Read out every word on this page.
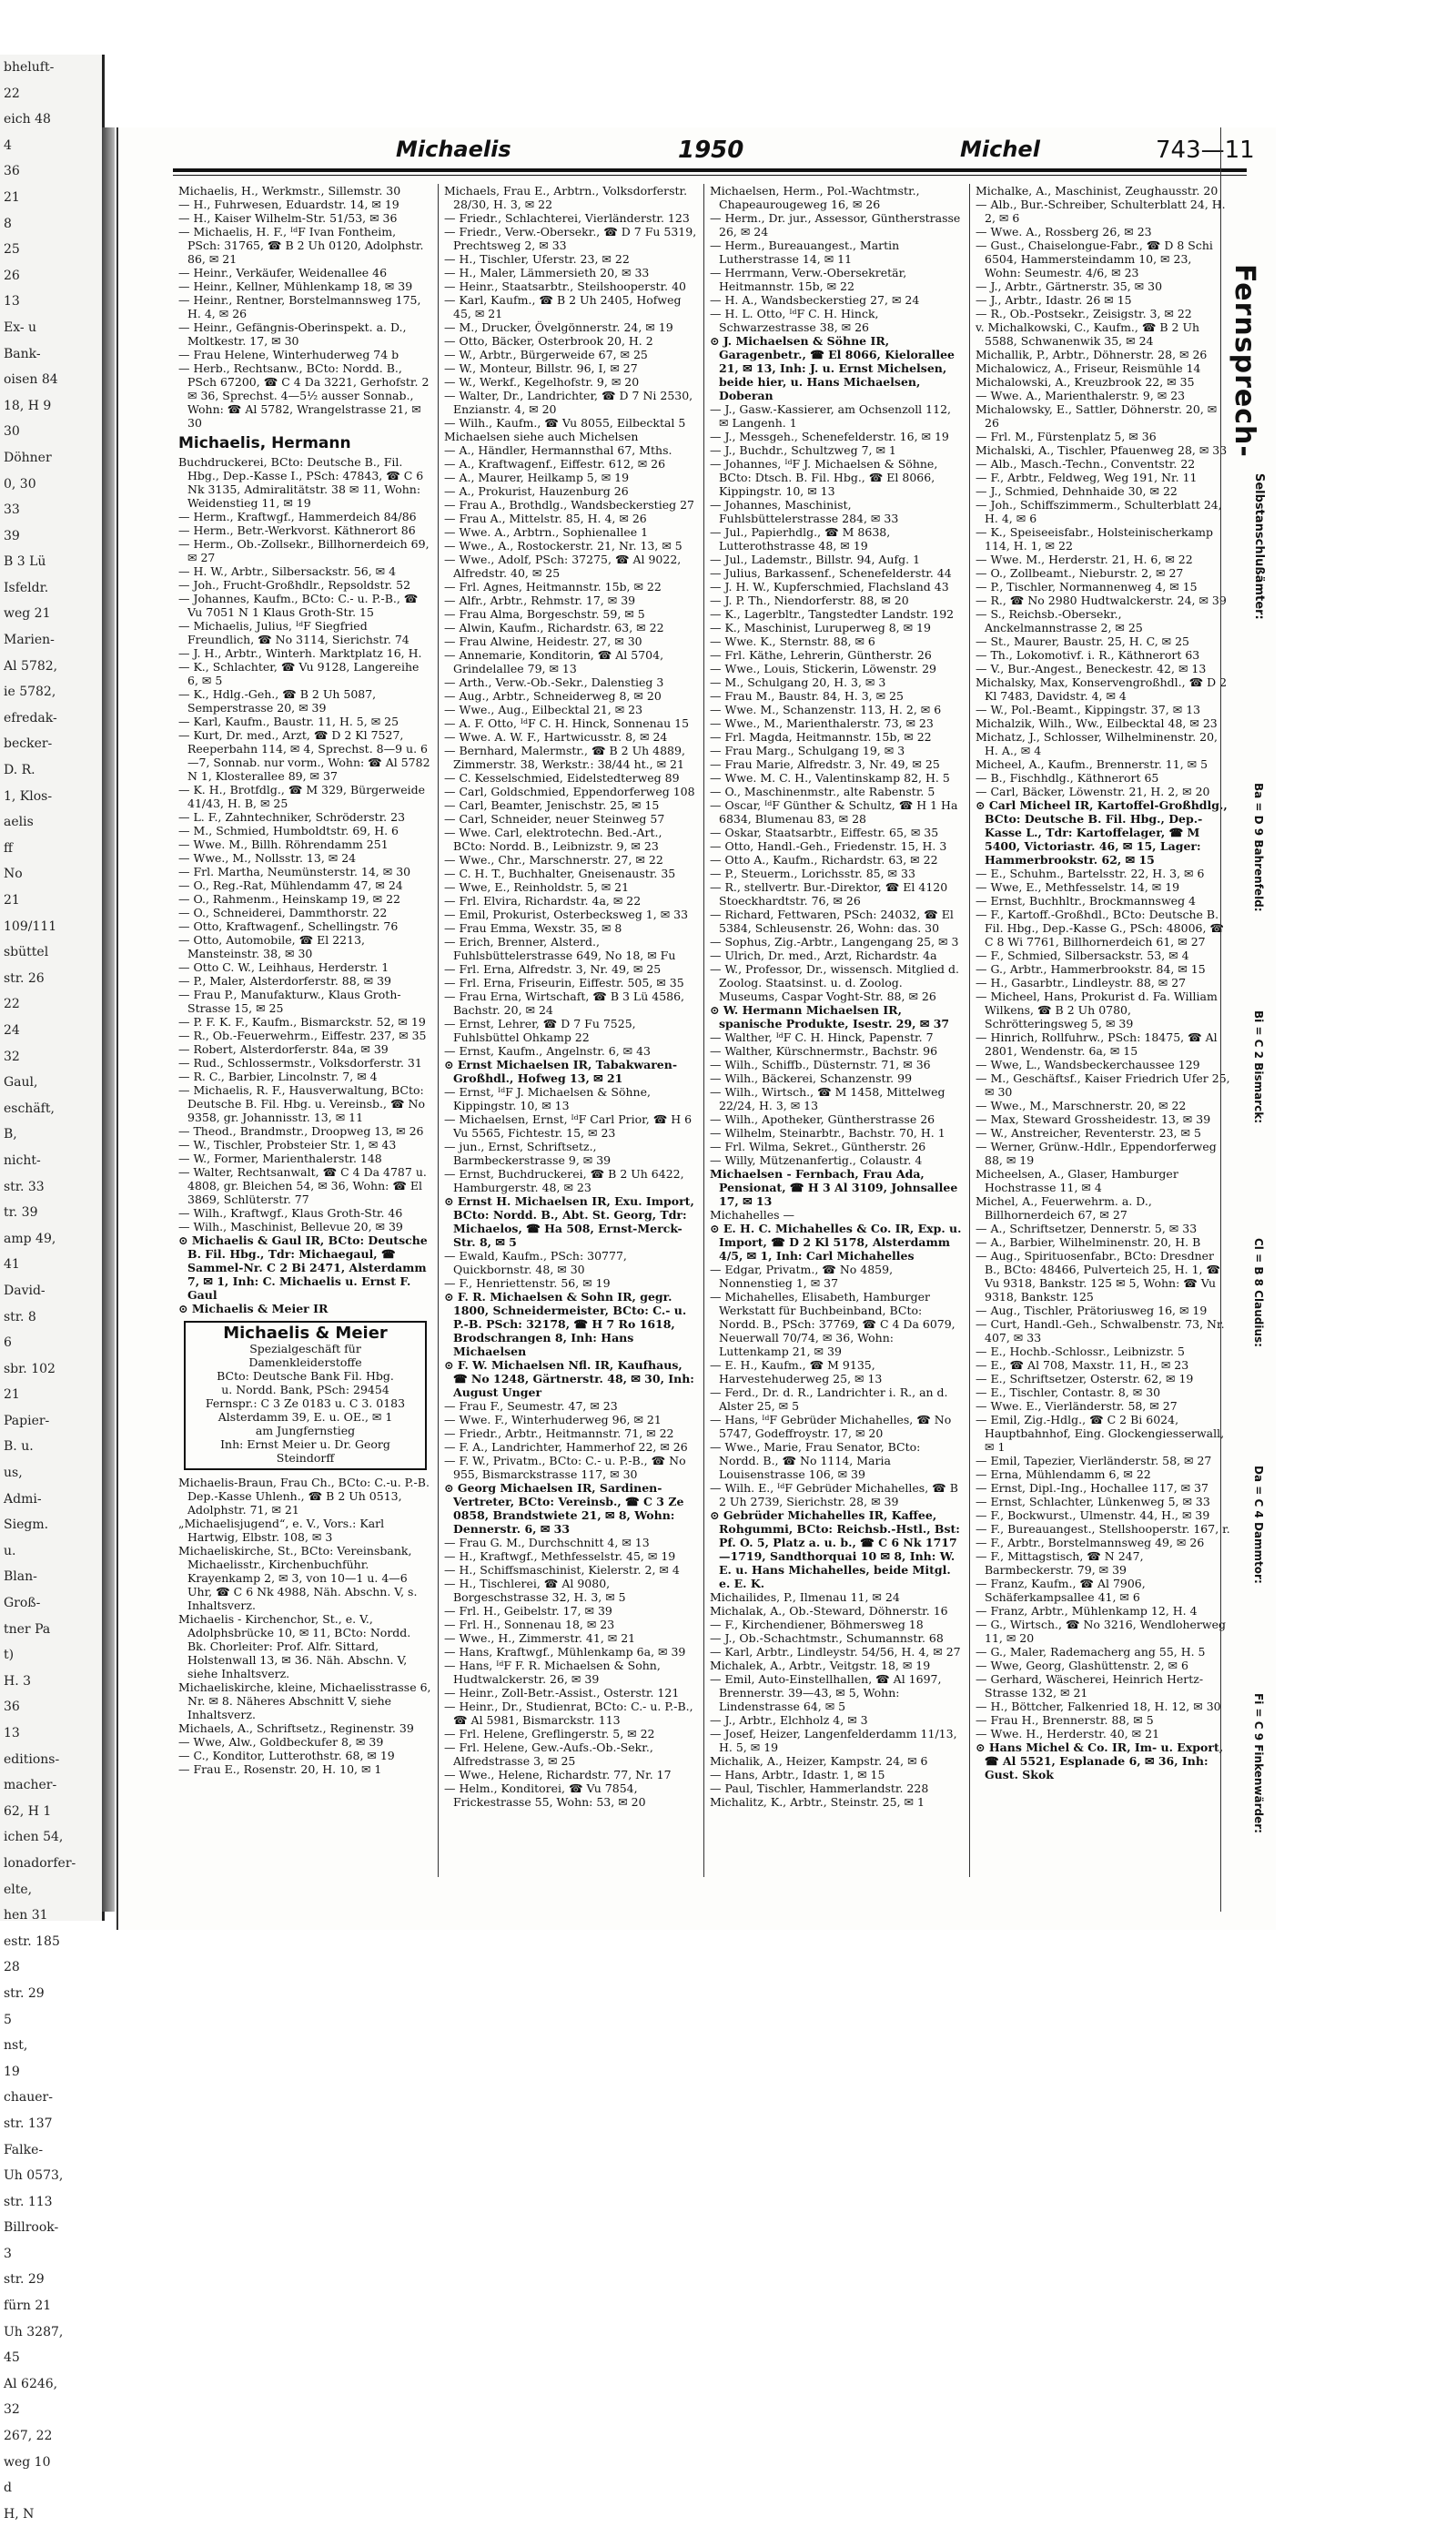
bheluft-
22
eich 48
4
36
21
8
25
26
13
Ex- u
Bank-
oisen 84
18, H 9
30
Döhner
0, 30
33
39
B 3 Lü
Isfeldr.
weg 21
Marien-
Al 5782,
ie 5782,
efredak-
becker-
D. R.
1, Klos-
aelis
ff
No
21
109/111
sbüttel
str. 26
22
24
32
Gaul,
eschäft,
B,
nicht-
str. 33
tr. 39
amp 49,
41
David-
str. 8
6
sbr. 102
21
Papier-
B. u.
us,
Admi-
Siegm.
u.
Blan-
Groß-
tner Pa
t)
H. 3
36
13
editions-
macher-
62, H 1
ichen 54,
lonadorfer-
elte,
hen 31
estr. 185
28
str. 29
5
nst,
19
chauer-
str. 137
Falke-
Uh 0573,
str. 113
Billrook-
3
str. 29
fürn 21
Uh 3287,
45
Al 6246,
32
267, 22
weg 10
d
H, N
Michaelis	1950	Michel	743—11

Michaelis, H., Werkmstr., Sillemstr. 30

— H., Fuhrwesen, Eduardstr. 14, ✉ 19

— H., Kaiser Wilhelm-Str. 51/53, ✉ 36

— Michaelis, H. F., ᴵᵈF Ivan Fontheim, PSch: 31765, ☎ B 2 Uh 0120, Adolphstr. 86, ✉ 21

— Heinr., Verkäufer, Weidenallee 46

— Heinr., Kellner, Mühlenkamp 18, ✉ 39

— Heinr., Rentner, Borstelmannsweg 175, H. 4, ✉ 26

— Heinr., Gefängnis-Oberinspekt. a. D., Moltkestr. 17, ✉ 30

— Frau Helene, Winterhuderweg 74 b

— Herb., Rechtsanw., BCto: Nordd. B., PSch 67200, ☎ C 4 Da 3221, Gerhofstr. 2 ✉ 36, Sprechst. 4—5½ ausser Sonnab., Wohn: ☎ Al 5782, Wrangelstrasse 21, ✉ 30

Michaelis, Hermann

Buchdruckerei, BCto: Deutsche B., Fil. Hbg., Dep.-Kasse I., PSch: 47843, ☎ C 6 Nk 3135, Admiralitätstr. 38 ✉ 11, Wohn: Weidenstieg 11, ✉ 19

— Herm., Kraftwgf., Hammerdeich 84/86

— Herm., Betr.-Werkvorst. Käthnerort 86

— Herm., Ob.-Zollsekr., Billhornerdeich 69, ✉ 27

— H. W., Arbtr., Silbersackstr. 56, ✉ 4

— Joh., Frucht-Großhdlr., Repsoldstr. 52

— Johannes, Kaufm., BCto: C.- u. P.-B., ☎ Vu 7051 N 1 Klaus Groth-Str. 15

— Michaelis, Julius, ᴵᵈF Siegfried Freundlich, ☎ No 3114, Sierichstr. 74

— J. H., Arbtr., Winterh. Marktplatz 16, H.

— K., Schlachter, ☎ Vu 9128, Langereihe 6, ✉ 5

— K., Hdlg.-Geh., ☎ B 2 Uh 5087, Semperstrasse 20, ✉ 39

— Karl, Kaufm., Baustr. 11, H. 5, ✉ 25

— Kurt, Dr. med., Arzt, ☎ D 2 Kl 7527, Reeperbahn 114, ✉ 4, Sprechst. 8—9 u. 6—7, Sonnab. nur vorm., Wohn: ☎ Al 5782 N 1, Klosterallee 89, ✉ 37

— K. H., Brotfdlg., ☎ M 329, Bürgerweide 41/43, H. B, ✉ 25

— L. F., Zahntechniker, Schröderstr. 23

— M., Schmied, Humboldtstr. 69, H. 6

— Wwe. M., Billh. Röhrendamm 251

— Wwe., M., Nollsstr. 13, ✉ 24

— Frl. Martha, Neumünsterstr. 14, ✉ 30

— O., Reg.-Rat, Mühlendamm 47, ✉ 24

— O., Rahmenm., Heinskamp 19, ✉ 22

— O., Schneiderei, Dammthorstr. 22

— Otto, Kraftwagenf., Schellingstr. 76

— Otto, Automobile, ☎ El 2213, Mansteinstr. 38, ✉ 30

— Otto C. W., Leihhaus, Herderstr. 1

— P., Maler, Alsterdorferstr. 88, ✉ 39

— Frau P., Manufakturw., Klaus Groth-Strasse 15, ✉ 25

— P. F. K. F., Kaufm., Bismarckstr. 52, ✉ 19

— R., Ob.-Feuerwehrm., Eiffestr. 237, ✉ 35

— Robert, Alsterdorferstr. 84a, ✉ 39

— Rud., Schlossermstr., Volksdorferstr. 31

— R. C., Barbier, Lincolnstr. 7, ✉ 4

— Michaelis, R. F., Hausverwaltung, BCto: Deutsche B. Fil. Hbg. u. Vereinsb., ☎ No 9358, gr. Johannisstr. 13, ✉ 11

— Theod., Brandmstr., Droopweg 13, ✉ 26

— W., Tischler, Probsteier Str. 1, ✉ 43

— W., Former, Marienthalerstr. 148

— Walter, Rechtsanwalt, ☎ C 4 Da 4787 u. 4808, gr. Bleichen 54, ✉ 36, Wohn: ☎ El 3869, Schlüterstr. 77

— Wilh., Kraftwgf., Klaus Groth-Str. 46

— Wilh., Maschinist, Bellevue 20, ✉ 39

⊙ Michaelis & Gaul IR, BCto: Deutsche B. Fil. Hbg., Tdr: Michaegaul, ☎ Sammel-Nr. C 2 Bi 2471, Alsterdamm 7, ✉ 1, Inh: C. Michaelis u. Ernst F. Gaul

⊙ Michaelis & Meier IR

Michaelis & Meier
Spezialgeschäft für
Damenkleiderstoffe
BCto: Deutsche Bank Fil. Hbg.
u. Nordd. Bank, PSch: 29454
Fernspr.: C 3 Ze 0183 u. C 3. 0183
Alsterdamm 39, E. u. OE., ✉ 1
am Jungfernstieg
Inh: Ernst Meier u. Dr. Georg Steindorff

Michaelis-Braun, Frau Ch., BCto: C.-u. P.-B. Dep.-Kasse Uhlenh., ☎ B 2 Uh 0513, Adolphstr. 71, ✉ 21

„Michaelisjugend“, e. V., Vors.: Karl Hartwig, Elbstr. 108, ✉ 3

Michaeliskirche, St., BCto: Vereinsbank, Michaelisstr., Kirchenbuchführ. Krayenkamp 2, ✉ 3, von 10—1 u. 4—6 Uhr, ☎ C 6 Nk 4988, Näh. Abschn. V, s. Inhaltsverz.

Michaelis - Kirchenchor, St., e. V., Adolphsbrücke 10, ✉ 11, BCto: Nordd. Bk. Chorleiter: Prof. Alfr. Sittard, Holstenwall 13, ✉ 36. Näh. Abschn. V, siehe Inhaltsverz.

Michaeliskirche, kleine, Michaelisstrasse 6, Nr. ✉ 8. Näheres Abschnitt V, siehe Inhaltsverz.

Michaels, A., Schriftsetz., Reginenstr. 39

— Wwe, Alw., Goldbeckufer 8, ✉ 39

— C., Konditor, Lutterothstr. 68, ✉ 19

— Frau E., Rosenstr. 20, H. 10, ✉ 1

Michaels, Frau E., Arbtrn., Volksdorferstr. 28/30, H. 3, ✉ 22

— Friedr., Schlachterei, Vierländerstr. 123

— Friedr., Verw.-Obersekr., ☎ D 7 Fu 5319, Prechtsweg 2, ✉ 33

— H., Tischler, Uferstr. 23, ✉ 22

— H., Maler, Lämmersieth 20, ✉ 33

— Heinr., Staatsarbtr., Steilshooperstr. 40

— Karl, Kaufm., ☎ B 2 Uh 2405, Hofweg 45, ✉ 21

— M., Drucker, Övelgönnerstr. 24, ✉ 19

— Otto, Bäcker, Osterbrook 20, H. 2

— W., Arbtr., Bürgerweide 67, ✉ 25

— W., Monteur, Billstr. 96, I, ✉ 27

— W., Werkf., Kegelhofstr. 9, ✉ 20

— Walter, Dr., Landrichter, ☎ D 7 Ni 2530, Enzianstr. 4, ✉ 20

— Wilh., Kaufm., ☎ Vu 8055, Eilbecktal 5

Michaelsen siehe auch Michelsen

— A., Händler, Hermannsthal 67, Mths.

— A., Kraftwagenf., Eiffestr. 612, ✉ 26

— A., Maurer, Heilkamp 5, ✉ 19

— A., Prokurist, Hauzenburg 26

— Frau A., Brothdlg., Wandsbeckerstieg 27

— Frau A., Mittelstr. 85, H. 4, ✉ 26

— Wwe. A., Arbtrn., Sophienallee 1

— Wwe., A., Rostockerstr. 21, Nr. 13, ✉ 5

— Wwe., Adolf, PSch: 37275, ☎ Al 9022, Alfredstr. 40, ✉ 25

— Frl. Agnes, Heitmannstr. 15b, ✉ 22

— Alfr., Arbtr., Rehmstr. 17, ✉ 39

— Frau Alma, Borgeschstr. 59, ✉ 5

— Alwin, Kaufm., Richardstr. 63, ✉ 22

— Frau Alwine, Heidestr. 27, ✉ 30

— Annemarie, Konditorin, ☎ Al 5704, Grindelallee 79, ✉ 13

— Arth., Verw.-Ob.-Sekr., Dalenstieg 3

— Aug., Arbtr., Schneiderweg 8, ✉ 20

— Wwe., Aug., Eilbecktal 21, ✉ 23

— A. F. Otto, ᴵᵈF C. H. Hinck, Sonnenau 15

— Wwe. A. W. F., Hartwicusstr. 8, ✉ 24

— Bernhard, Malermstr., ☎ B 2 Uh 4889, Zimmerstr. 38, Werkstr.: 38/44 ht., ✉ 21

— C. Kesselschmied, Eidelstedterweg 89

— Carl, Goldschmied, Eppendorferweg 108

— Carl, Beamter, Jenischstr. 25, ✉ 15

— Carl, Schneider, neuer Steinweg 57

— Wwe. Carl, elektrotechn. Bed.-Art., BCto: Nordd. B., Leibnizstr. 9, ✉ 23

— Wwe., Chr., Marschnerstr. 27, ✉ 22

— C. H. T., Buchhalter, Gneisenaustr. 35

— Wwe, E., Reinholdstr. 5, ✉ 21

— Frl. Elvira, Richardstr. 4a, ✉ 22

— Emil, Prokurist, Osterbecksweg 1, ✉ 33

— Frau Emma, Wexstr. 35, ✉ 8

— Erich, Brenner, Alsterd., Fuhlsbüttelerstrasse 649, No 18, ✉ Fu

— Frl. Erna, Alfredstr. 3, Nr. 49, ✉ 25

— Frl. Erna, Friseurin, Eiffestr. 505, ✉ 35

— Frau Erna, Wirtschaft, ☎ B 3 Lü 4586, Bachstr. 20, ✉ 24

— Ernst, Lehrer, ☎ D 7 Fu 7525, Fuhlsbüttel Ohkamp 22

— Ernst, Kaufm., Angelnstr. 6, ✉ 43

⊙ Ernst Michaelsen IR, Tabakwaren-Großhdl., Hofweg 13, ✉ 21

— Ernst, ᴵᵈF J. Michaelsen & Söhne, Kippingstr. 10, ✉ 13

— Michaelsen, Ernst, ᴵᵈF Carl Prior, ☎ H 6 Vu 5565, Fichtestr. 15, ✉ 23

— jun., Ernst, Schriftsetz., Barmbeckerstrasse 9, ✉ 39

— Ernst, Buchdruckerei, ☎ B 2 Uh 6422, Hamburgerstr. 48, ✉ 23

⊙ Ernst H. Michaelsen IR, Exu. Import, BCto: Nordd. B., Abt. St. Georg, Tdr: Michaelos, ☎ Ha 508, Ernst-Merck-Str. 8, ✉ 5

— Ewald, Kaufm., PSch: 30777, Quickbornstr. 48, ✉ 30

— F., Henriettenstr. 56, ✉ 19

⊙ F. R. Michaelsen & Sohn IR, gegr. 1800, Schneidermeister, BCto: C.- u. P.-B. PSch: 32178, ☎ H 7 Ro 1618, Brodschrangen 8, Inh: Hans Michaelsen

⊙ F. W. Michaelsen Nfl. IR, Kaufhaus, ☎ No 1248, Gärtnerstr. 48, ✉ 30, Inh: August Unger

— Frau F., Seumestr. 47, ✉ 23

— Wwe. F., Winterhuderweg 96, ✉ 21

— Friedr., Arbtr., Heitmannstr. 71, ✉ 22

— F. A., Landrichter, Hammerhof 22, ✉ 26

— F. W., Privatm., BCto: C.- u. P.-B., ☎ No 955, Bismarckstrasse 117, ✉ 30

⊙ Georg Michaelsen IR, Sardinen-Vertreter, BCto: Vereinsb., ☎ C 3 Ze 0858, Brandstwiete 21, ✉ 8, Wohn: Dennerstr. 6, ✉ 33

— Frau G. M., Durchschnitt 4, ✉ 13

— H., Kraftwgf., Methfesselstr. 45, ✉ 19

— H., Schiffsmaschinist, Kielerstr. 2, ✉ 4

— H., Tischlerei, ☎ Al 9080, Borgeschstrasse 32, H. 3, ✉ 5

— Frl. H., Geibelstr. 17, ✉ 39

— Frl. H., Sonnenau 18, ✉ 23

— Wwe., H., Zimmerstr. 41, ✉ 21

— Hans, Kraftwgf., Mühlenkamp 6a, ✉ 39

— Hans, ᴵᵈF F. R. Michaelsen & Sohn, Hudtwalckerstr. 26, ✉ 39

— Heinr., Zoll-Betr.-Assist., Osterstr. 121

— Heinr., Dr., Studienrat, BCto: C.- u. P.-B., ☎ Al 5981, Bismarckstr. 113

— Frl. Helene, Greflingerstr. 5, ✉ 22

— Frl. Helene, Gew.-Aufs.-Ob.-Sekr., Alfredstrasse 3, ✉ 25

— Wwe., Helene, Richardstr. 77, Nr. 17

— Helm., Konditorei, ☎ Vu 7854, Frickestrasse 55, Wohn: 53, ✉ 20

Michaelsen, Herm., Pol.-Wachtmstr., Chapeaurougeweg 16, ✉ 26

— Herm., Dr. jur., Assessor, Güntherstrasse 26, ✉ 24

— Herm., Bureauangest., Martin Lutherstrasse 14, ✉ 11

— Herrmann, Verw.-Obersekretär, Heitmannstr. 15b, ✉ 22

— H. A., Wandsbeckerstieg 27, ✉ 24

— H. L. Otto, ᴵᵈF C. H. Hinck, Schwarzestrasse 38, ✉ 26

⊙ J. Michaelsen & Söhne IR, Garagenbetr., ☎ El 8066, Kieloralleе 21, ✉ 13, Inh: J. u. Ernst Michelsen, beide hier, u. Hans Michaelsen, Doberan

— J., Gasw.-Kassierer, am Ochsenzoll 112, ✉ Langenh. 1

— J., Messgeh., Schenefelderstr. 16, ✉ 19

— J., Buchdr., Schultzweg 7, ✉ 1

— Johannes, ᴵᵈF J. Michaelsen & Söhne, BCto: Dtsch. B. Fil. Hbg., ☎ El 8066, Kippingstr. 10, ✉ 13

— Johannes, Maschinist, Fuhlsbüttelerstrasse 284, ✉ 33

— Jul., Papierhdlg., ☎ M 8638, Lutterothstrasse 48, ✉ 19

— Jul., Lademstr., Billstr. 94, Aufg. 1

— Julius, Barkassenf., Schenefelderstr. 44

— J. H. W., Kupferschmied, Flachsland 43

— J. P. Th., Niendorferstr. 88, ✉ 20

— K., Lagerbltr., Tangstedter Landstr. 192

— K., Maschinist, Luruperweg 8, ✉ 19

— Wwe. K., Sternstr. 88, ✉ 6

— Frl. Käthe, Lehrerin, Güntherstr. 26

— Wwe., Louis, Stickerin, Löwenstr. 29

— M., Schulgang 20, H. 3, ✉ 3

— Frau M., Baustr. 84, H. 3, ✉ 25

— Wwe. M., Schanzenstr. 113, H. 2, ✉ 6

— Wwe., M., Marienthalerstr. 73, ✉ 23

— Frl. Magda, Heitmannstr. 15b, ✉ 22

— Frau Marg., Schulgang 19, ✉ 3

— Frau Marie, Alfredstr. 3, Nr. 49, ✉ 25

— Wwe. M. C. H., Valentinskamp 82, H. 5

— O., Maschinenmstr., alte Rabenstr. 5

— Oscar, ᴵᵈF Günther & Schultz, ☎ H 1 Ha 6834, Blumenau 83, ✉ 28

— Oskar, Staatsarbtr., Eiffestr. 65, ✉ 35

— Otto, Handl.-Geh., Friedenstr. 15, H. 3

— Otto A., Kaufm., Richardstr. 63, ✉ 22

— P., Steuerm., Lorichsstr. 85, ✉ 33

— R., stellvertr. Bur.-Direktor, ☎ El 4120 Stoeckhardtstr. 76, ✉ 26

— Richard, Fettwaren, PSch: 24032, ☎ El 5384, Schleusenstr. 26, Wohn: das. 30

— Sophus, Zig.-Arbtr., Langengang 25, ✉ 3

— Ulrich, Dr. med., Arzt, Richardstr. 4a

— W., Professor, Dr., wissensch. Mitglied d. Zoolog. Staatsinst. u. d. Zoolog. Museums, Caspar Voght-Str. 88, ✉ 26

⊙ W. Hermann Michaelsen IR, spanische Produkte, Isestr. 29, ✉ 37

— Walther, ᴵᵈF C. H. Hinck, Papenstr. 7

— Walther, Kürschnermstr., Bachstr. 96

— Wilh., Schiffb., Düsternstr. 71, ✉ 36

— Wilh., Bäckerei, Schanzenstr. 99

— Wilh., Wirtsch., ☎ M 1458, Mittelweg 22/24, H. 3, ✉ 13

— Wilh., Apotheker, Güntherstrasse 26

— Wilhelm, Steinarbtr., Bachstr. 70, H. 1

— Frl. Wilma, Sekret., Güntherstr. 26

— Willy, Mützenanfertig., Colaustr. 4

Michaelsen - Fernbach, Frau Ada, Pensionat, ☎ H 3 Al 3109, Johnsallee 17, ✉ 13

Michahelles —

⊙ E. H. C. Michahelles & Co. IR, Exp. u. Import, ☎ D 2 Kl 5178, Alsterdamm 4/5, ✉ 1, Inh: Carl Michahelles

— Edgar, Privatm., ☎ No 4859, Nonnenstieg 1, ✉ 37

— Michahelles, Elisabeth, Hamburger Werkstatt für Buchbeinband, BCto: Nordd. B., PSch: 37769, ☎ C 4 Da 6079, Neuerwall 70/74, ✉ 36, Wohn: Luttenkamp 21, ✉ 39

— E. H., Kaufm., ☎ M 9135, Harvestehuderweg 25, ✉ 13

— Ferd., Dr. d. R., Landrichter i. R., an d. Alster 25, ✉ 5

— Hans, ᴵᵈF Gebrüder Michahelles, ☎ No 5747, Godeffroystr. 17, ✉ 20

— Wwe., Marie, Frau Senator, BCto: Nordd. B., ☎ No 1114, Maria Louisenstrasse 106, ✉ 39

— Wilh. E., ᴵᵈF Gebrüder Michahelles, ☎ B 2 Uh 2739, Sierichstr. 28, ✉ 39

⊙ Gebrüder Michahelles IR, Kaffee, Rohgummi, BCto: Reichsb.-Hstl., Bst: Pf. O. 5, Platz a. u. b., ☎ C 6 Nk 1717—1719, Sandthorquai 10 ✉ 8, Inh: W. E. u. Hans Michahelles, beide Mitgl. e. E. K.

Michailides, P., Ilmenau 11, ✉ 24

Michalak, A., Ob.-Steward, Döhnerstr. 16

— F., Kirchendiener, Böhmersweg 18

— J., Ob.-Schachtmstr., Schumannstr. 68

— Karl, Arbtr., Lindleystr. 54/56, H. 4, ✉ 27

Michalek, A., Arbtr., Veitgstr. 18, ✉ 19

— Emil, Auto-Einstellhallen, ☎ Al 1697, Brennerstr. 39—43, ✉ 5, Wohn: Lindenstrasse 64, ✉ 5

— J., Arbtr., Elchholz 4, ✉ 3

— Josef, Heizer, Langenfelderdamm 11/13, H. 5, ✉ 19

Michalik, A., Heizer, Kampstr. 24, ✉ 6

— Hans, Arbtr., Idastr. 1, ✉ 15

— Paul, Tischler, Hammerlandstr. 228

Michalitz, K., Arbtr., Steinstr. 25, ✉ 1

Michalke, A., Maschinist, Zeughausstr. 20

— Alb., Bur.-Schreiber, Schulterblatt 24, H. 2, ✉ 6

— Wwe. A., Rossberg 26, ✉ 23

— Gust., Chaiselongue-Fabr., ☎ D 8 Schi 6504, Hammersteindamm 10, ✉ 23, Wohn: Seumestr. 4/6, ✉ 23

— J., Arbtr., Gärtnerstr. 35, ✉ 30

— J., Arbtr., Idastr. 26 ✉ 15

— R., Ob.-Postsekr., Zeisigstr. 3, ✉ 22

v. Michalkowski, C., Kaufm., ☎ B 2 Uh 5588, Schwanenwik 35, ✉ 24

Michallik, P., Arbtr., Döhnerstr. 28, ✉ 26

Michalowicz, A., Friseur, Reismühle 14

Michalowski, A., Kreuzbrook 22, ✉ 35

— Wwe. A., Marienthalerstr. 9, ✉ 23

Michalowsky, E., Sattler, Döhnerstr. 20, ✉ 26

— Frl. M., Fürstenplatz 5, ✉ 36

Michalski, A., Tischler, Pfauenweg 28, ✉ 33

— Alb., Masch.-Techn., Conventstr. 22

— F., Arbtr., Feldweg, Weg 191, Nr. 11

— J., Schmied, Dehnhaide 30, ✉ 22

— Joh., Schiffszimmerm., Schulterblatt 24, H. 4, ✉ 6

— K., Speiseeisfabr., Holsteinischerkamp 114, H. 1, ✉ 22

— Wwe. M., Herderstr. 21, H. 6, ✉ 22

— O., Zollbeamt., Nieburstr. 2, ✉ 27

— P., Tischler, Normannenweg 4, ✉ 15

— R., ☎ No 2980 Hudtwalckerstr. 24, ✉ 39

— S., Reichsb.-Obersekr., Anckelmannstrasse 2, ✉ 25

— St., Maurer, Baustr. 25, H. C, ✉ 25

— Th., Lokomotivf. i. R., Käthnerort 63

— V., Bur.-Angest., Beneckestr. 42, ✉ 13

Michalsky, Max, Konservengroßhdl., ☎ D 2 Kl 7483, Davidstr. 4, ✉ 4

— W., Pol.-Beamt., Kippingstr. 37, ✉ 13

Michalzik, Wilh., Ww., Eilbecktal 48, ✉ 23

Michatz, J., Schlosser, Wilhelminenstr. 20, H. A., ✉ 4

Micheel, A., Kaufm., Brennerstr. 11, ✉ 5

— B., Fischhdlg., Käthnerort 65

— Carl, Bäcker, Löwenstr. 21, H. 2, ✉ 20

⊙ Carl Micheel IR, Kartoffel-Großhdlg., BCto: Deutsche B. Fil. Hbg., Dep.-Kasse L., Tdr: Kartoffelager, ☎ M 5400, Victoriastr. 46, ✉ 15, Lager: Hammerbrookstr. 62, ✉ 15

— E., Schuhm., Bartelsstr. 22, H. 3, ✉ 6

— Wwe, E., Methfesselstr. 14, ✉ 19

— Ernst, Buchhltr., Brockmannsweg 4

— F., Kartoff.-Großhdl., BCto: Deutsche B. Fil. Hbg., Dep.-Kasse G., PSch: 48006, ☎ C 8 Wi 7761, Billhornerdeich 61, ✉ 27

— F., Schmied, Silbersackstr. 53, ✉ 4

— G., Arbtr., Hammerbrookstr. 84, ✉ 15

— H., Gasarbtr., Lindleystr. 88, ✉ 27

— Micheel, Hans, Prokurist d. Fa. William Wilkens, ☎ B 2 Uh 0780, Schrötteringsweg 5, ✉ 39

— Hinrich, Rollfuhrw., PSch: 18475, ☎ Al 2801, Wendenstr. 6a, ✉ 15

— Wwe, L., Wandsbeckerchaussee 129

— M., Geschäftsf., Kaiser Friedrich Ufer 25, ✉ 30

— Wwe., M., Marschnerstr. 20, ✉ 22

— Max, Steward Grossheidestr. 13, ✉ 39

— W., Anstreicher, Reventerstr. 23, ✉ 5

— Werner, Grünw.-Hdlr., Eppendorferweg 88, ✉ 19

Micheelsen, A., Glaser, Hamburger Hochstrasse 11, ✉ 4

Michel, A., Feuerwehrm. a. D., Billhornerdeich 67, ✉ 27

— A., Schriftsetzer, Dennerstr. 5, ✉ 33

— A., Barbier, Wilhelminenstr. 20, H. B

— Aug., Spirituosenfabr., BCto: Dresdner B., BCto: 48466, Pulverteich 25, H. 1, ☎ Vu 9318, Bankstr. 125 ✉ 5, Wohn: ☎ Vu 9318, Bankstr. 125

— Aug., Tischler, Prätoriusweg 16, ✉ 19

— Curt, Handl.-Geh., Schwalbenstr. 73, Nr. 407, ✉ 33

— E., Hochb.-Schlossr., Leibnizstr. 5

— E., ☎ Al 708, Maxstr. 11, H., ✉ 23

— E., Schriftsetzer, Osterstr. 62, ✉ 19

— E., Tischler, Contastr. 8, ✉ 30

— Wwe. E., Vierländerstr. 58, ✉ 27

— Emil, Zig.-Hdlg., ☎ C 2 Bi 6024, Hauptbahnhof, Eing. Glockengiesserwall, ✉ 1

— Emil, Tapezier, Vierländerstr. 58, ✉ 27

— Erna, Mühlendamm 6, ✉ 22

— Ernst, Dipl.-Ing., Hochallee 117, ✉ 37

— Ernst, Schlachter, Lünkenweg 5, ✉ 33

— F., Bockwurst., Ulmenstr. 44, H., ✉ 39

— F., Bureauangest., Stellshooperstr. 167, r.

— F., Arbtr., Borstelmannsweg 49, ✉ 26

— F., Mittagstisch, ☎ N 247, Barmbeckerstr. 79, ✉ 39

— Franz, Kaufm., ☎ Al 7906, Schäferkampsallee 41, ✉ 6

— Franz, Arbtr., Mühlenkamp 12, H. 4

— G., Wirtsch., ☎ No 3216, Wendloherweg 11, ✉ 20

— G., Maler, Rademacherg ang 55, H. 5

— Wwe, Georg, Glashüttenstr. 2, ✉ 6

— Gerhard, Wäscherei, Heinrich Hertz-Strasse 132, ✉ 21

— H., Böttcher, Falkenried 18, H. 12, ✉ 30

— Frau H., Brennerstr. 88, ✉ 5

— Wwe. H., Herderstr. 40, ✉ 21

⊙ Hans Michel & Co. IR, Im- u. Export, ☎ Al 5521, Esplanade 6, ✉ 36, Inh: Gust. Skok

Fernsprech-
Selbstanschlußämter:
Ba = D 9 Bahrenfeld:
Bi = C 2 Bismarck:
Cl = B 8 Claudius:
Da = C 4 Dammtor:
Fi = C 9 Finkenwärder:
